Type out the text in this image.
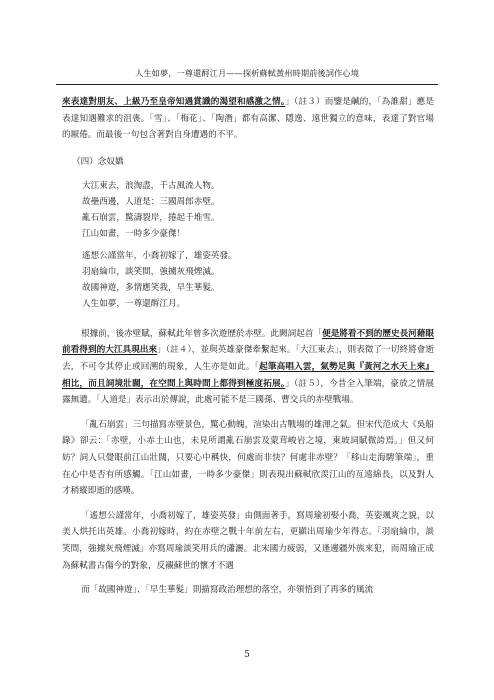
人生如夢，一尊還酹江月——探析蘇軾黃州時期前後詞作心境

來表達對朋友、上級乃至皇帝知遇賞識的渴望和感激之情。」（註３）而鑒是鹹的，「為誰甜」應是表達知遇難求的沮喪。「雪」、「梅花」、「陶潛」都有高潔、隱逸、遠世獨立的意味，表達了對官場的厭倦。而最後一句包含著對自身遭遇的不平。

（四）念奴嬌
大江東去，浪淘盡，千古風流人物。
故壘西邊，人道是：三國周郎赤壁。
亂石崩雲，驚濤裂岸，捲起千堆雪。
江山如畫，一時多少豪傑！
遙想公謹當年，小喬初嫁了，雄姿英發。
羽扇綸巾，談笑間，強擄灰飛煙滅。
故國神遊，多情應笑我，早生華髮。
人生如夢，一尊還酹江月。

根據前，後赤壁賦，蘇軾此年曾多次遊歷於赤壁。此闕詞起首「便是將看不到的歷史長河藉眼前看得到的大江具現出來」（註４），並與英雄豪傑牽繫起來。「大江東去」，則表徵了一切終將會逝去，不可令其停止或回溯的現象，人生亦是如此。「起筆高唱入雲，氣勢足與『黃河之水天上來』相比，而且詞境壯闊，在空間上與時間上都得到極度拓展。」（註５），今昔全入筆端，豪放之情展露無遺。「人道是」表示出於傳說，此處可能不是三國孫、曹交兵的赤壁戰場。

「亂石崩雲」三句描寫赤壁景色，驚心動魄，渲染出古戰場的雄渾之氣。但宋代范成大《吳船錄》卻云：「赤壁，小赤土山也，未見所謂亂石崩雲及蒙茸峻岩之境，東坡詞賦微誇焉。」但又何妨？詞人只覺眼前江山壯闊，只要心中稱快，何處而非快？何處非赤壁？「移山走海騁筆端」，重在心中是否有所感觸。「江山如畫，一時多少豪傑」則表現出蘇軾欣羨江山的亙遠綿長，以及對人才稍縱即逝的感嘆。

「遙想公謹當年，小喬初嫁了，雄姿英發」由側面著手，寫周瑜初娶小喬，英姿颯爽之貌，以美人烘托出英雄。小喬初嫁時，約在赤壁之戰十年前左右，更顯出周瑜少年得志。「羽扇綸巾，談笑間，強擄灰飛煙滅」亦寫周瑜談笑用兵的瀟灑。北宋國力疲弱，又逢邊疆外族來犯，而周瑜正成為蘇軾書古傷今的對象，反襯蘇世的懷才不遇

而「故國神遊」、「早生華髮」則描寫政治理想的落空，亦領悟到了再多的風流

5
